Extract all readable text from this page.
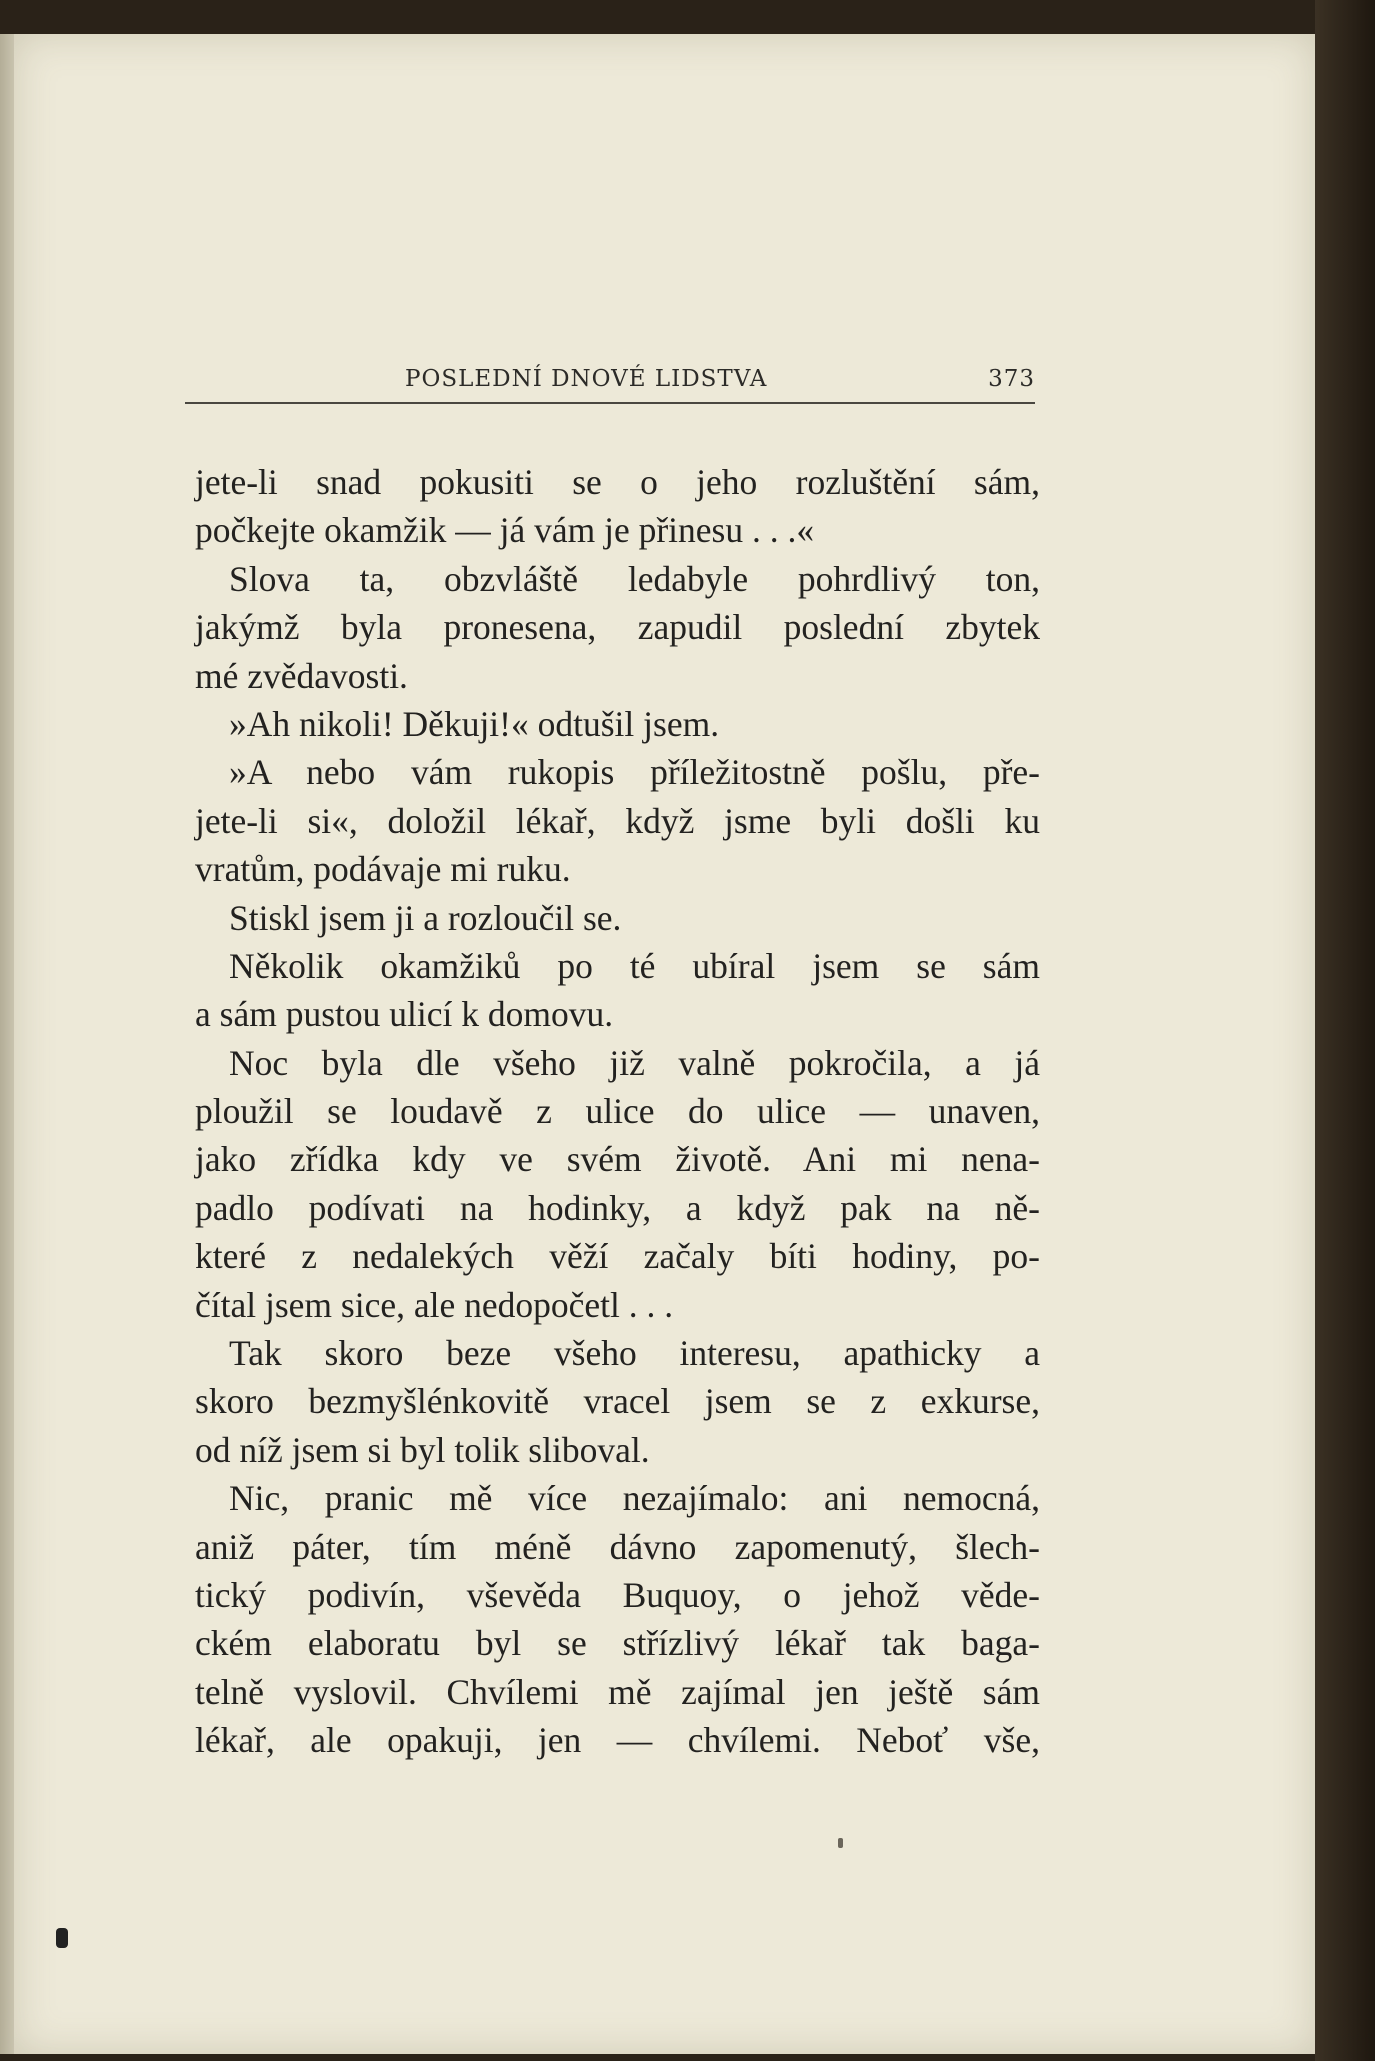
POSLEDNÍ DNOVÉ LIDSTVA	373
jete-li snad pokusiti se o jeho rozluštění sám,
počkejte okamžik — já vám je přinesu . . .«
Slova ta, obzvláště ledabyle pohrdlivý ton,
jakýmž byla pronesena, zapudil poslední zbytek
mé zvědavosti.
»Ah nikoli! Děkuji!« odtušil jsem.
»A nebo vám rukopis příležitostně pošlu, pře-
jete-li si«, doložil lékař, když jsme byli došli ku
vratům, podávaje mi ruku.
Stiskl jsem ji a rozloučil se.
Několik okamžiků po té ubíral jsem se sám
a sám pustou ulicí k domovu.
Noc byla dle všeho již valně pokročila, a já
ploužil se loudavě z ulice do ulice — unaven,
jako zřídka kdy ve svém životě. Ani mi nena-
padlo podívati na hodinky, a když pak na ně-
které z nedalekých věží začaly bíti hodiny, po-
čítal jsem sice, ale nedopočetl . . .
Tak skoro beze všeho interesu, apathicky a
skoro bezmyšlénkovitě vracel jsem se z exkurse,
od níž jsem si byl tolik sliboval.
Nic, pranic mě více nezajímalo: ani nemocná,
aniž páter, tím méně dávno zapomenutý, šlech-
tický podivín, vševěda Buquoy, o jehož věde-
ckém elaboratu byl se střízlivý lékař tak baga-
telně vyslovil. Chvílemi mě zajímal jen ještě sám
lékař, ale opakuji, jen — chvílemi. Neboť vše,
